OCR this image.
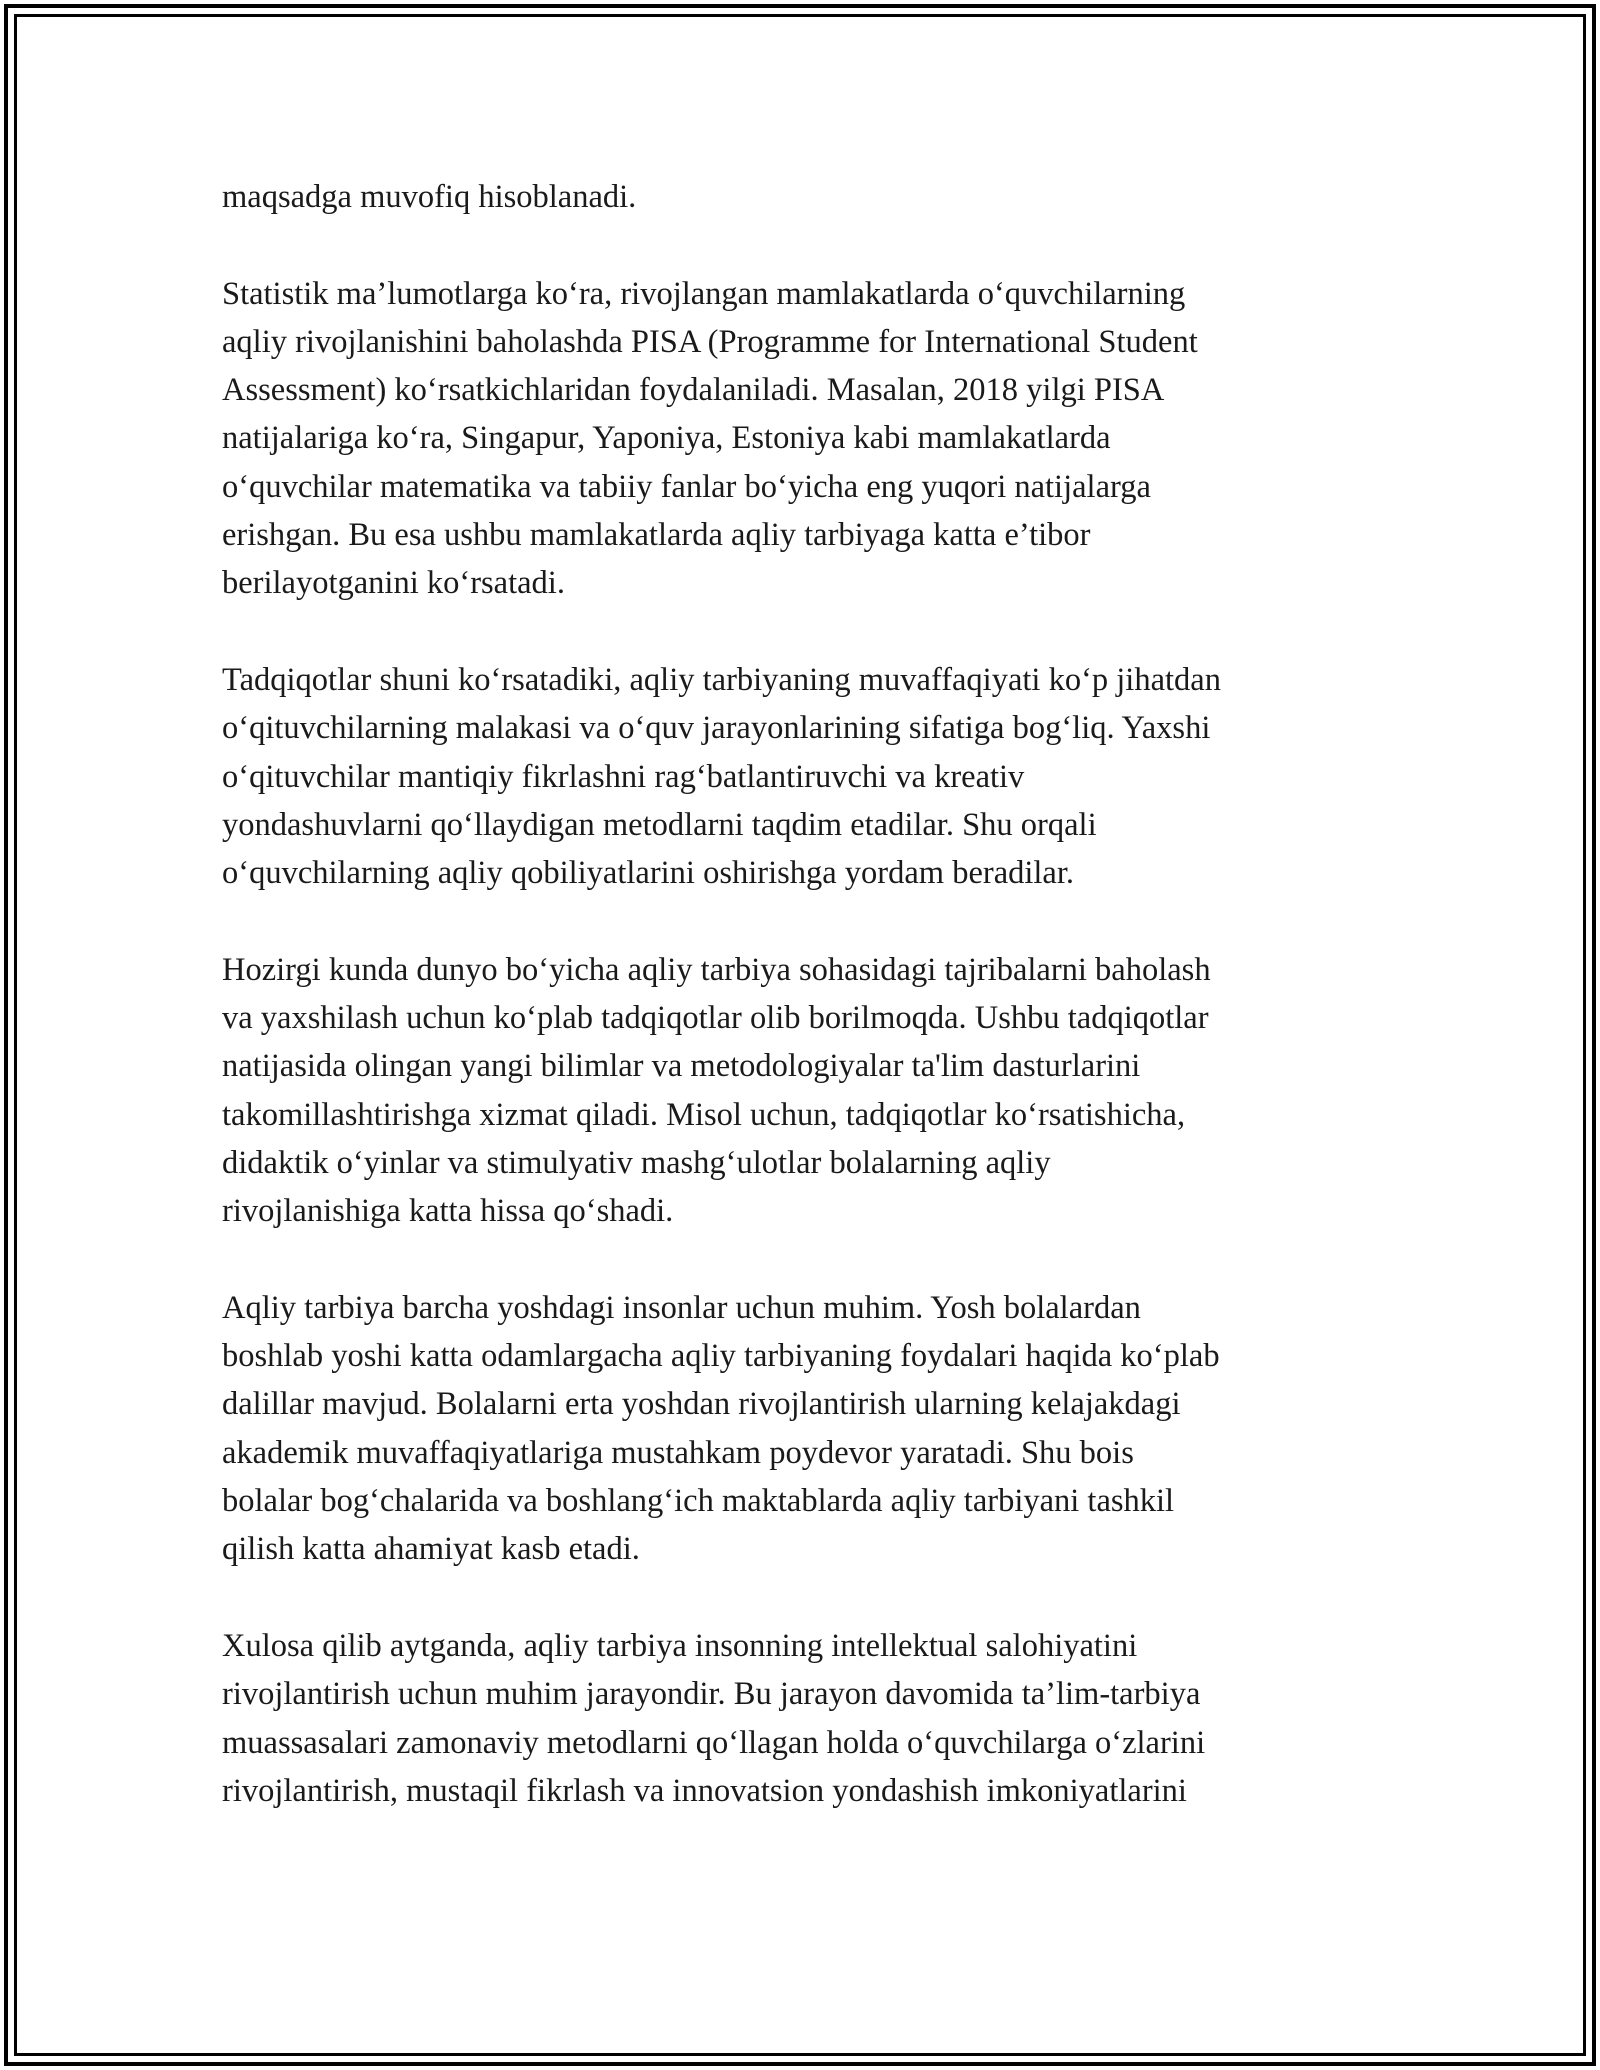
maqsadga muvofiq hisoblanadi.
Statistik ma’lumotlarga ko‘ra, rivojlangan mamlakatlarda o‘quvchilarning
aqliy rivojlanishini baholashda PISA (Programme for International Student
Assessment) ko‘rsatkichlaridan foydalaniladi. Masalan, 2018 yilgi PISA
natijalariga ko‘ra, Singapur, Yaponiya, Estoniya kabi mamlakatlarda
o‘quvchilar matematika va tabiiy fanlar bo‘yicha eng yuqori natijalarga
erishgan. Bu esa ushbu mamlakatlarda aqliy tarbiyaga katta e’tibor
berilayotganini ko‘rsatadi.
Tadqiqotlar shuni ko‘rsatadiki, aqliy tarbiyaning muvaffaqiyati ko‘p jihatdan
o‘qituvchilarning malakasi va o‘quv jarayonlarining sifatiga bog‘liq. Yaxshi
o‘qituvchilar mantiqiy fikrlashni rag‘batlantiruvchi va kreativ
yondashuvlarni qo‘llaydigan metodlarni taqdim etadilar. Shu orqali
o‘quvchilarning aqliy qobiliyatlarini oshirishga yordam beradilar.
Hozirgi kunda dunyo bo‘yicha aqliy tarbiya sohasidagi tajribalarni baholash
va yaxshilash uchun ko‘plab tadqiqotlar olib borilmoqda. Ushbu tadqiqotlar
natijasida olingan yangi bilimlar va metodologiyalar ta'lim dasturlarini
takomillashtirishga xizmat qiladi. Misol uchun, tadqiqotlar ko‘rsatishicha,
didaktik o‘yinlar va stimulyativ mashg‘ulotlar bolalarning aqliy
rivojlanishiga katta hissa qo‘shadi.
Aqliy tarbiya barcha yoshdagi insonlar uchun muhim. Yosh bolalardan
boshlab yoshi katta odamlargacha aqliy tarbiyaning foydalari haqida ko‘plab
dalillar mavjud. Bolalarni erta yoshdan rivojlantirish ularning kelajakdagi
akademik muvaffaqiyatlariga mustahkam poydevor yaratadi. Shu bois
bolalar bog‘chalarida va boshlang‘ich maktablarda aqliy tarbiyani tashkil
qilish katta ahamiyat kasb etadi.
Xulosa qilib aytganda, aqliy tarbiya insonning intellektual salohiyatini
rivojlantirish uchun muhim jarayondir. Bu jarayon davomida ta’lim-tarbiya
muassasalari zamonaviy metodlarni qo‘llagan holda o‘quvchilarga o‘zlarini
rivojlantirish, mustaqil fikrlash va innovatsion yondashish imkoniyatlarini
